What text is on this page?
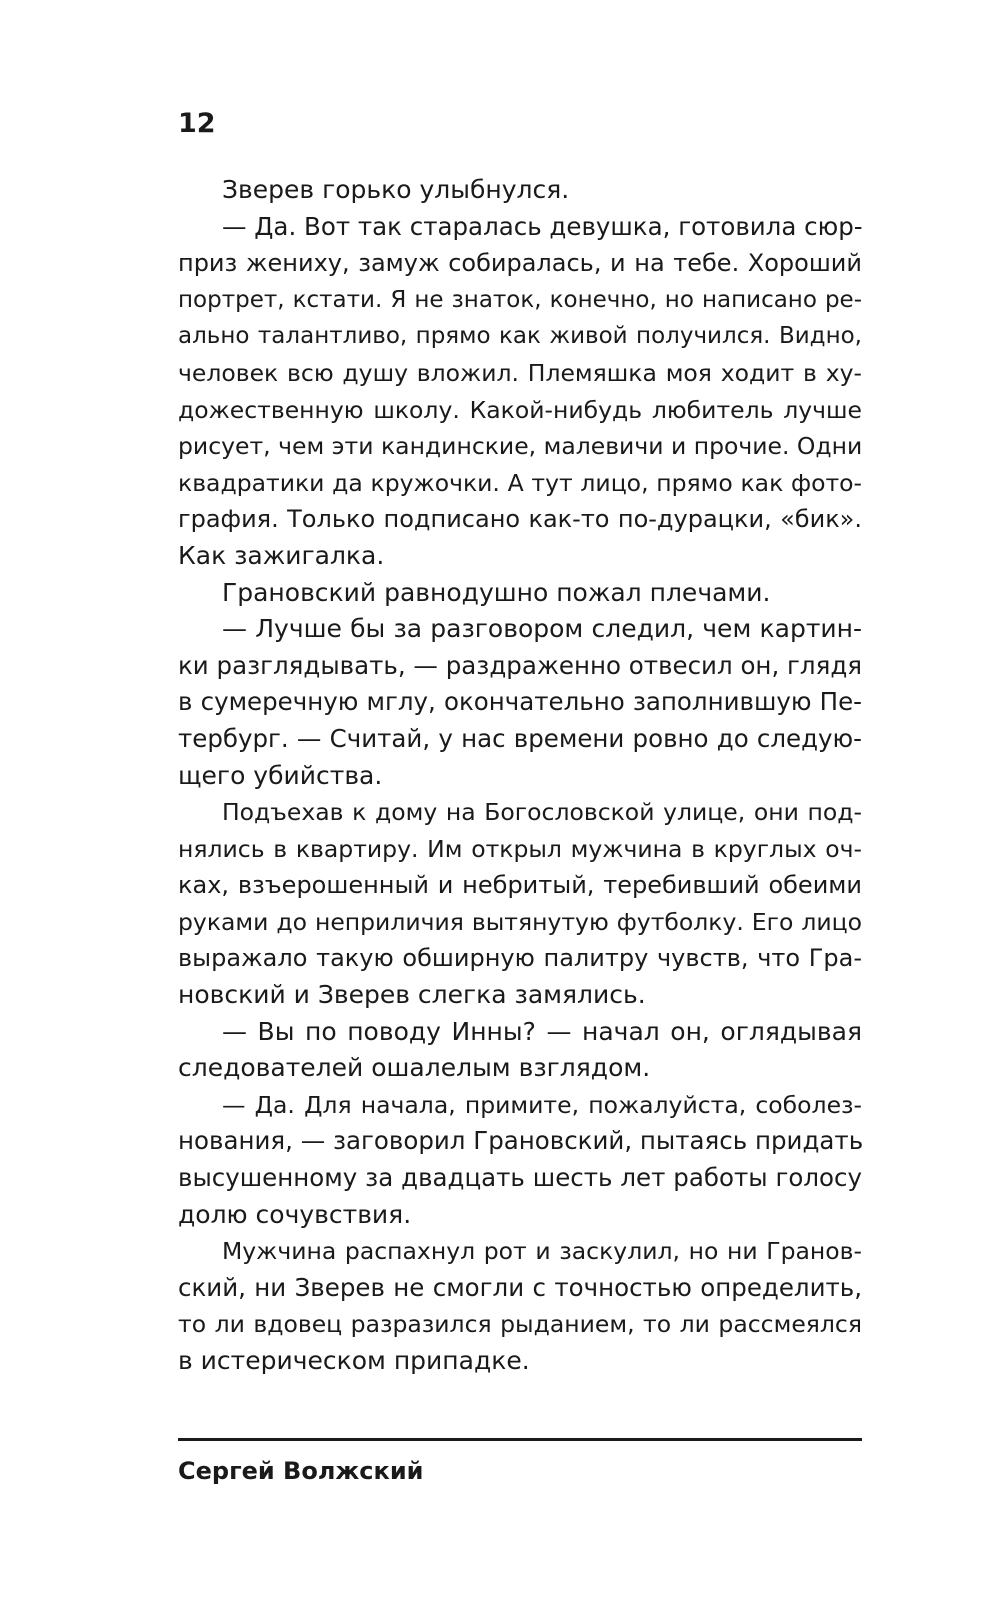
12
Зверев горько улыбнулся.
— Да. Вот так старалась девушка, готовила сюр-
приз жениху, замуж собиралась, и на тебе. Хороший
портрет, кстати. Я не знаток, конечно, но написано ре-
ально талантливо, прямо как живой получился. Видно,
человек всю душу вложил. Племяшка моя ходит в ху-
дожественную школу. Какой-нибудь любитель лучше
рисует, чем эти кандинские, малевичи и прочие. Одни
квадратики да кружочки. А тут лицо, прямо как фото-
графия. Только подписано как-то по-дурацки, «бик».
Как зажигалка.
Грановский равнодушно пожал плечами.
— Лучше бы за разговором следил, чем картин-
ки разглядывать, — раздраженно отвесил он, глядя
в сумеречную мглу, окончательно заполнившую Пе-
тербург. — Считай, у нас времени ровно до следую-
щего убийства.
Подъехав к дому на Богословской улице, они под-
нялись в квартиру. Им открыл мужчина в круглых оч-
ках, взъерошенный и небритый, теребивший обеими
руками до неприличия вытянутую футболку. Его лицо
выражало такую обширную палитру чувств, что Гра-
новский и Зверев слегка замялись.
— Вы по поводу Инны? — начал он, оглядывая
следователей ошалелым взглядом.
— Да. Для начала, примите, пожалуйста, соболез-
нования, — заговорил Грановский, пытаясь придать
высушенному за двадцать шесть лет работы голосу
долю сочувствия.
Мужчина распахнул рот и заскулил, но ни Гранов-
ский, ни Зверев не смогли с точностью определить,
то ли вдовец разразился рыданием, то ли рассмеялся
в истерическом припадке.
Сергей Волжский
